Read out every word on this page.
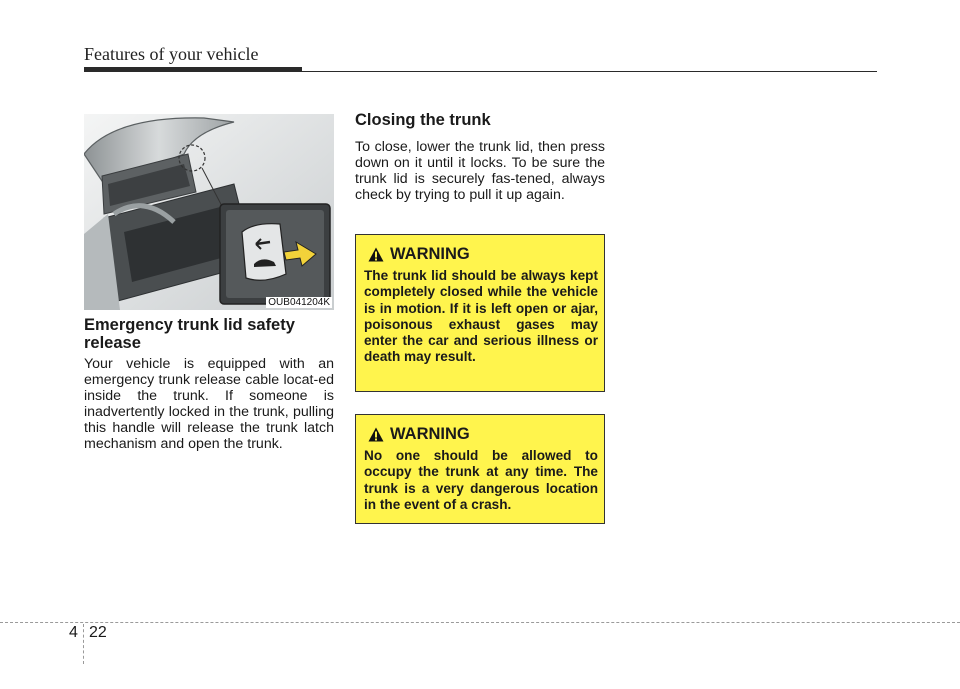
Features of your vehicle
OUB041204K
Emergency trunk lid safety release

Your vehicle is equipped with an emergency trunk release cable locat-ed inside the trunk. If someone is inadvertently locked in the trunk, pulling this handle will release the trunk latch mechanism and open the trunk.

Closing the trunk

To close, lower the trunk lid, then press down on it until it locks. To be sure the trunk lid is securely fas-tened, always check by trying to pull it up again.

WARNING

The trunk lid should be always kept completely closed while the vehicle is in motion. If it is left open or ajar, poisonous exhaust gases may enter the car and serious illness or death may result.

WARNING

No one should be allowed to occupy the trunk at any time. The trunk is a very dangerous location in the event of a crash.

4 22
